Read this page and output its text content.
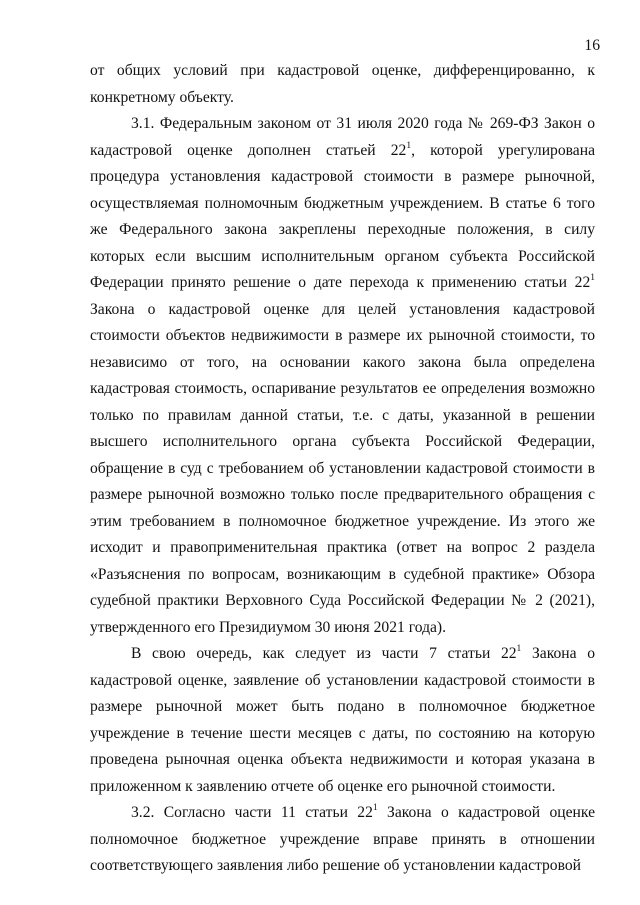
16

от общих условий при кадастровой оценке, дифференцированно, к конкретному объекту.

3.1. Федеральным законом от 31 июля 2020 года № 269-ФЗ Закон о кадастровой оценке дополнен статьей $22^1$, которой урегулирована процедура установления кадастровой стоимости в размере рыночной, осуществляемая полномочным бюджетным учреждением. В статье 6 того же Федерального закона закреплены переходные положения, в силу которых если высшим исполнительным органом субъекта Российской Федерации принято решение о дате перехода к применению статьи $22^1$ Закона о кадастровой оценке для целей установления кадастровой стоимости объектов недвижимости в размере их рыночной стоимости, то независимо от того, на основании какого закона была определена кадастровая стоимость, оспаривание результатов ее определения возможно только по правилам данной статьи, т.е. с даты, указанной в решении высшего исполнительного органа субъекта Российской Федерации, обращение в суд с требованием об установлении кадастровой стоимости в размере рыночной возможно только после предварительного обращения с этим требованием в полномочное бюджетное учреждение. Из этого же исходит и правоприменительная практика (ответ на вопрос 2 раздела «Разъяснения по вопросам, возникающим в судебной практике» Обзора судебной практики Верховного Суда Российской Федерации № 2 (2021), утвержденного его Президиумом 30 июня 2021 года).

В свою очередь, как следует из части 7 статьи $22^1$ Закона о кадастровой оценке, заявление об установлении кадастровой стоимости в размере рыночной может быть подано в полномочное бюджетное учреждение в течение шести месяцев с даты, по состоянию на которую проведена рыночная оценка объекта недвижимости и которая указана в приложенном к заявлению отчете об оценке его рыночной стоимости.

3.2. Согласно части 11 статьи $22^1$ Закона о кадастровой оценке полномочное бюджетное учреждение вправе принять в отношении соответствующего заявления либо решение об установлении кадастровой
